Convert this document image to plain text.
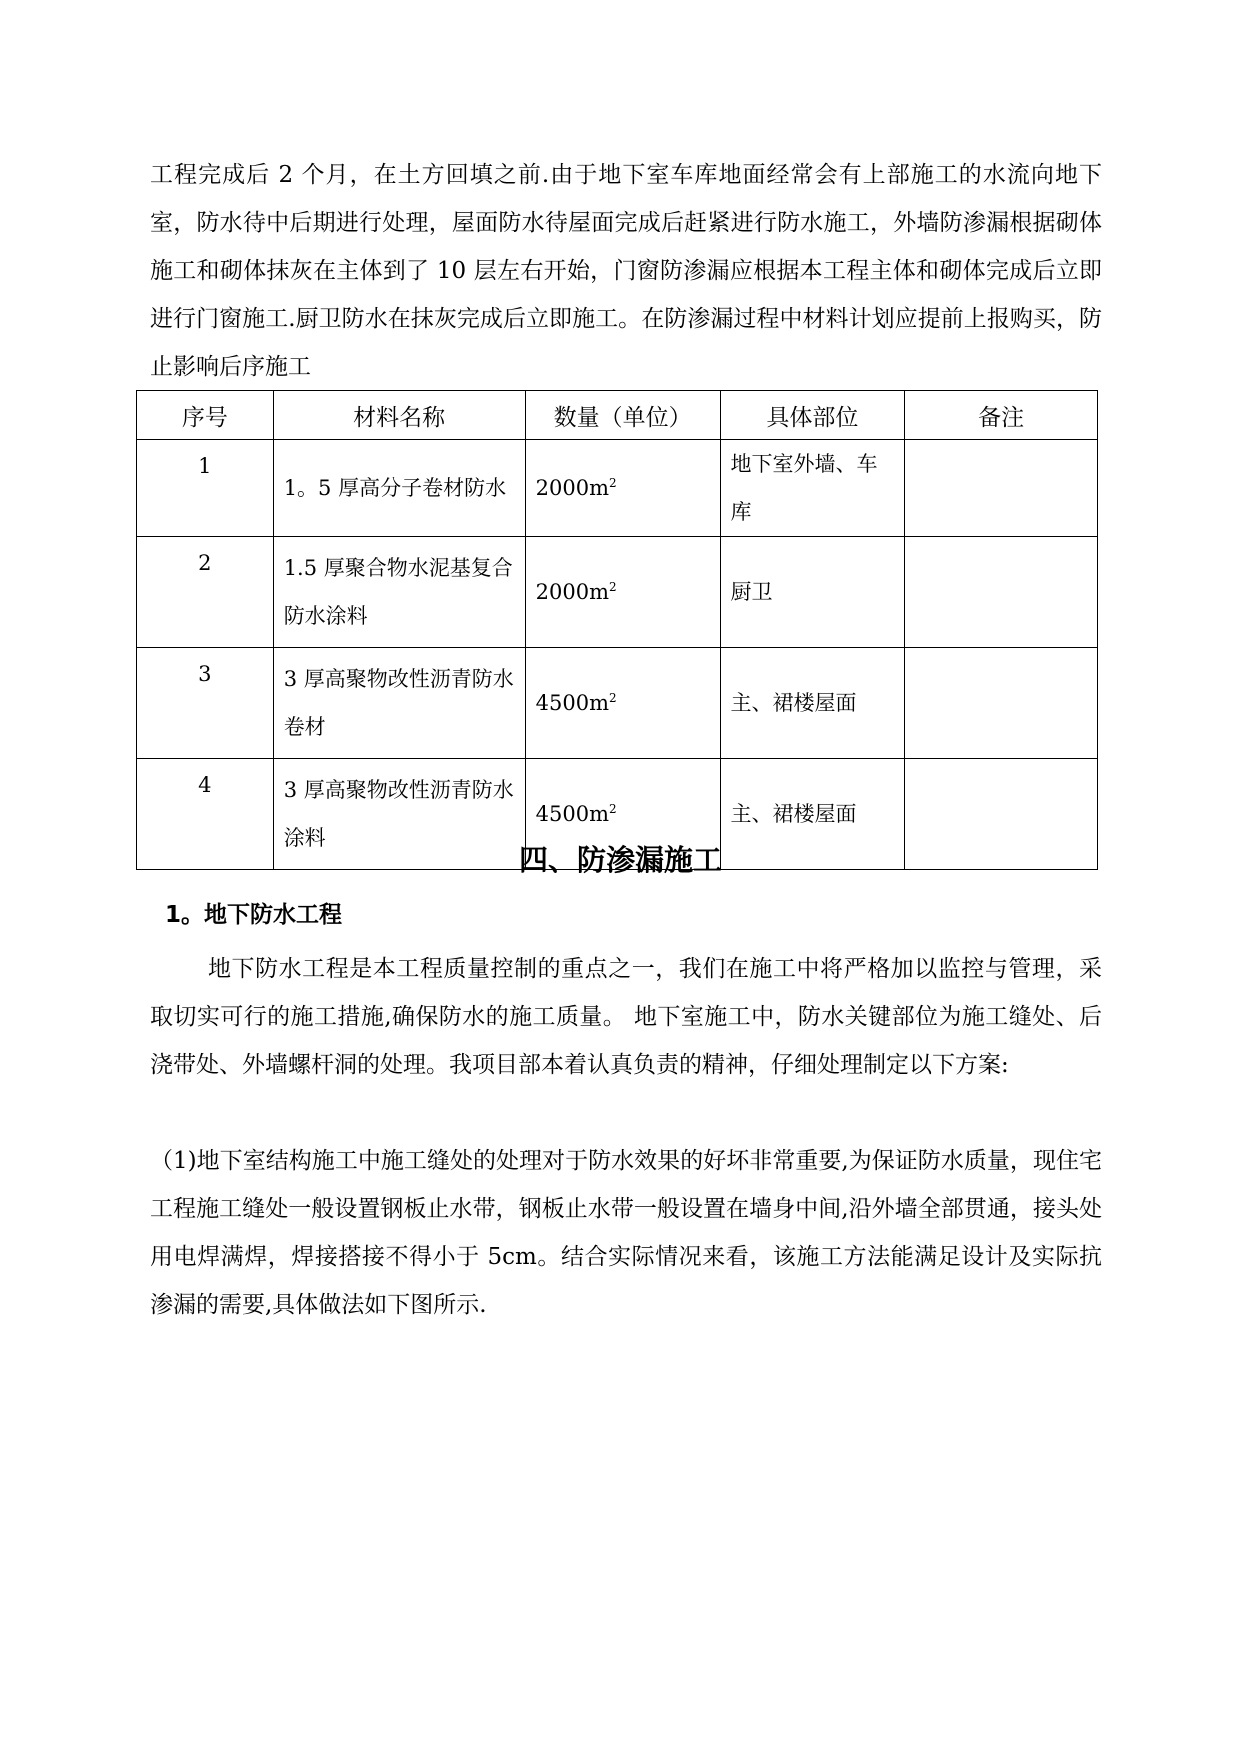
工程完成后 2 个月，在土方回填之前.由于地下室车库地面经常会有上部施工的水流向地下室，防水待中后期进行处理，屋面防水待屋面完成后赶紧进行防水施工，外墙防渗漏根据砌体施工和砌体抹灰在主体到了 10 层左右开始，门窗防渗漏应根据本工程主体和砌体完成后立即进行门窗施工.厨卫防水在抹灰完成后立即施工。在防渗漏过程中材料计划应提前上报购买，防止影响后序施工
序号	材料名称	数量（单位）	具体部位	备注
1	1。5 厚高分子卷材防水	$2000m^2$	地下室外墙、车库	
2	1.5 厚聚合物水泥基复合防水涂料	$2000m^2$	厨卫	
3	3 厚高聚物改性沥青防水卷材	$4500m^2$	主、裙楼屋面	
4	3 厚高聚物改性沥青防水涂料	$4500m^2$	主、裙楼屋面	
四、防渗漏施工
1。地下防水工程
地下防水工程是本工程质量控制的重点之一，我们在施工中将严格加以监控与管理，采取切实可行的施工措施,确保防水的施工质量。 地下室施工中，防水关键部位为施工缝处、后浇带处、外墙螺杆洞的处理。我项目部本着认真负责的精神，仔细处理制定以下方案:
（1)地下室结构施工中施工缝处的处理对于防水效果的好坏非常重要,为保证防水质量，现住宅工程施工缝处一般设置钢板止水带，钢板止水带一般设置在墙身中间,沿外墙全部贯通，接头处用电焊满焊，焊接搭接不得小于 5cm。结合实际情况来看，该施工方法能满足设计及实际抗渗漏的需要,具体做法如下图所示.
